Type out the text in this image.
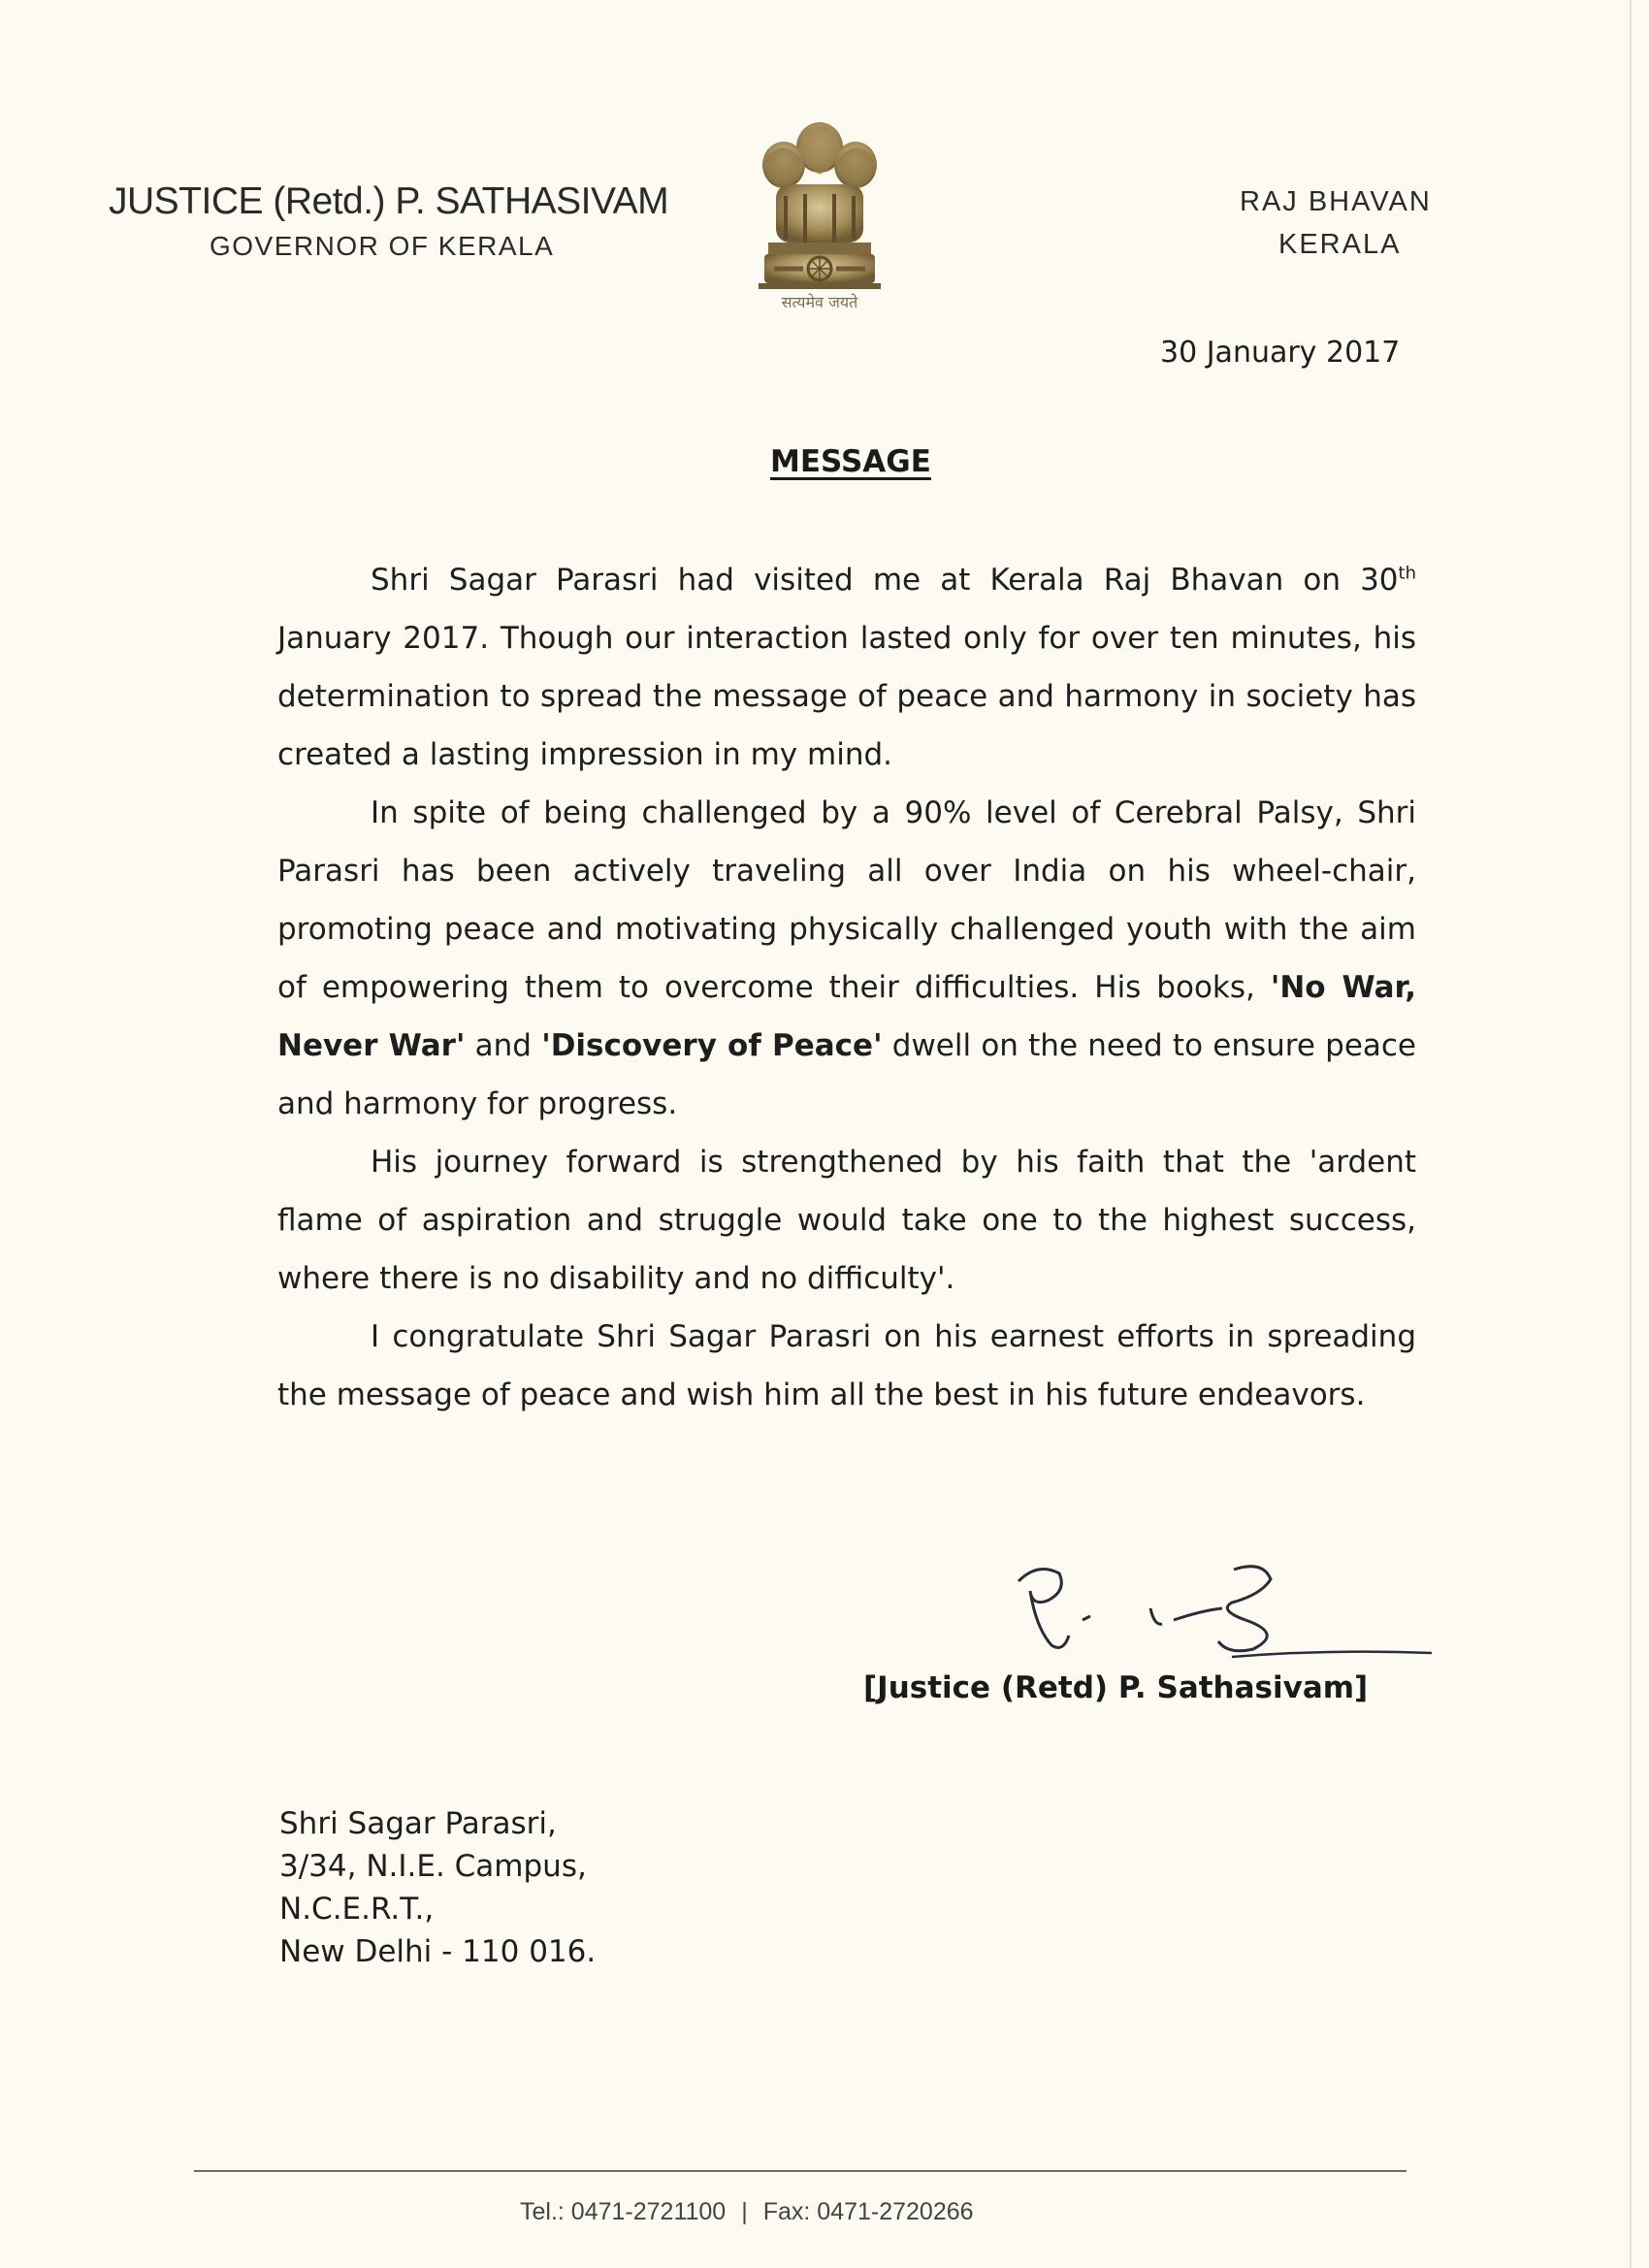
JUSTICE (Retd.) P. SATHASIVAM
GOVERNOR OF KERALA
सत्यमेव जयते
RAJ BHAVAN
KERALA
30 January 2017
MESSAGE

Shri Sagar Parasri had visited me at Kerala Raj Bhavan on 30th January 2017. Though our interaction lasted only for over ten minutes, his determination to spread the message of peace and harmony in society has created a lasting impression in my mind.

In spite of being challenged by a 90% level of Cerebral Palsy, Shri Parasri has been actively traveling all over India on his wheel-chair, promoting peace and motivating physically challenged youth with the aim of empowering them to overcome their difficulties. His books, 'No War, Never War' and 'Discovery of Peace' dwell on the need to ensure peace and harmony for progress.

His journey forward is strengthened by his faith that the 'ardent flame of aspiration and struggle would take one to the highest success, where there is no disability and no difficulty'.

I congratulate Shri Sagar Parasri on his earnest efforts in spreading the message of peace and wish him all the best in his future endeavors.

[Justice (Retd) P. Sathasivam]
Shri Sagar Parasri,
3/34, N.I.E. Campus,
N.C.E.R.T.,
New Delhi - 110 016.
Tel.: 0471-2721100 | Fax: 0471-2720266
